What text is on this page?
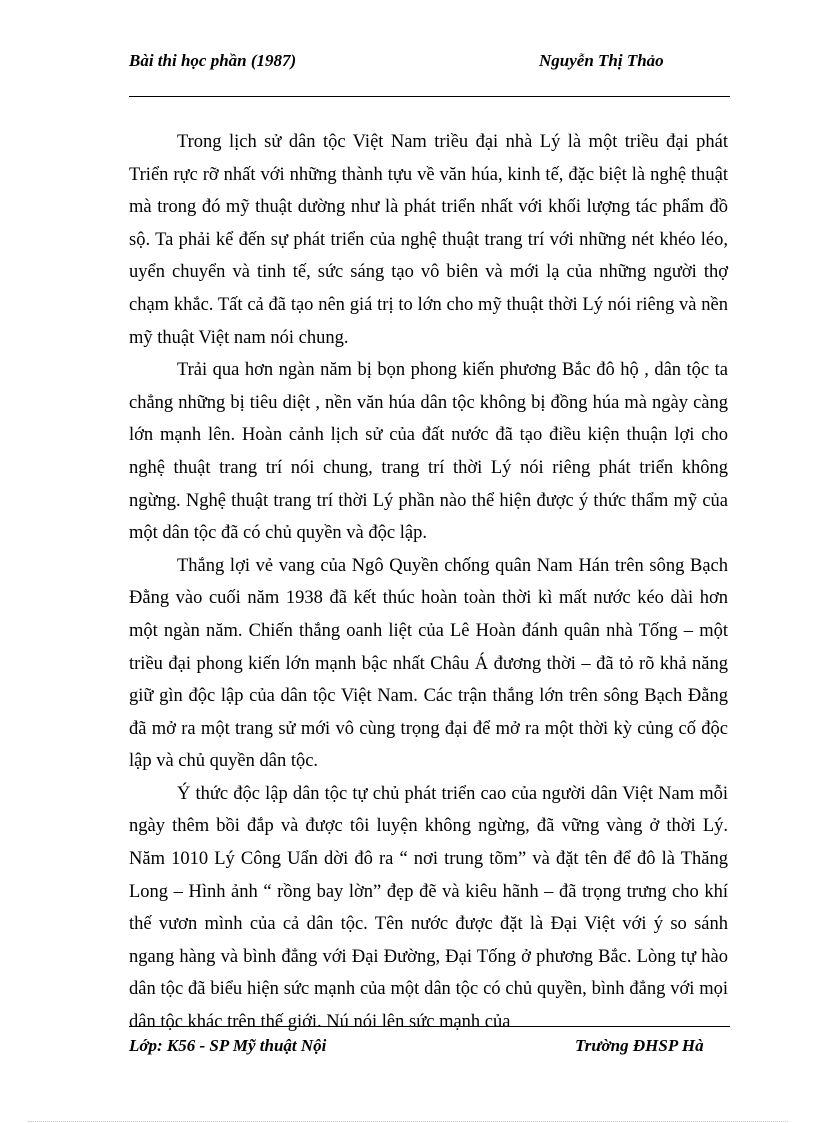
Bài thi học phần (1987)	Nguyễn Thị Thảo

Trong lịch sử dân tộc Việt Nam triều đại nhà Lý là một triều đại phát Triển rực rỡ nhất với những thành tựu về văn húa, kinh tế, đặc biệt là nghệ thuật mà trong đó mỹ thuật dường như là phát triển nhất với khối lượng tác phẩm đồ sộ. Ta phải kể đến sự phát triển của nghệ thuật trang trí với những nét khéo léo, uyển chuyển và tinh tế, sức sáng tạo vô biên và mới lạ của những người thợ chạm khắc. Tất cả đã tạo nên giá trị to lớn cho mỹ thuật thời Lý nói riêng và nền mỹ thuật Việt nam nói chung.

Trải qua hơn ngàn năm bị bọn phong kiến phương Bắc đô hộ , dân tộc ta chẳng những bị tiêu diệt , nền văn húa dân tộc không bị đồng húa mà ngày càng lớn mạnh lên. Hoàn cảnh lịch sử của đất nước đã tạo điều kiện thuận lợi cho nghệ thuật trang trí nói chung, trang trí thời Lý nói riêng phát triển không ngừng. Nghệ thuật trang trí thời Lý phần nào thể hiện được ý thức thẩm mỹ của một dân tộc đã có chủ quyền và độc lập.

Thắng lợi vẻ vang của Ngô Quyền chống quân Nam Hán trên sông Bạch Đằng vào cuối năm 1938 đã kết thúc hoàn toàn thời kì mất nước kéo dài hơn một ngàn năm. Chiến thắng oanh liệt của Lê Hoàn đánh quân nhà Tống – một triều đại phong kiến lớn mạnh bậc nhất Châu Á đương thời – đã tỏ rõ khả năng giữ gìn độc lập của dân tộc Việt Nam. Các trận thắng lớn trên sông Bạch Đằng đã mở ra một trang sử mới vô cùng trọng đại để mở ra một thời kỳ củng cố độc lập và chủ quyền dân tộc.

Ý thức độc lập dân tộc tự chủ phát triển cao của người dân Việt Nam mỗi ngày thêm bồi đắp và được tôi luyện không ngừng, đã vững vàng ở thời Lý. Năm 1010 Lý Công Uẩn dời đô ra “ nơi trung tõm” và đặt tên để đô là Thăng Long – Hình ảnh “ rồng bay lờn” đẹp đẽ và kiêu hãnh – đã trọng trưng cho khí thế vươn mình của cả dân tộc. Tên nước được đặt là Đại Việt với ý so sánh ngang hàng và bình đẳng với Đại Đường, Đại Tống ở phương Bắc. Lòng tự hào dân tộc đã biểu hiện sức mạnh của một dân tộc có chủ quyền, bình đẳng với mọi dân tộc khác trên thế giới. Nú nói lên sức mạnh của

Lớp: K56 - SP Mỹ thuật Nội	Trường ĐHSP Hà
